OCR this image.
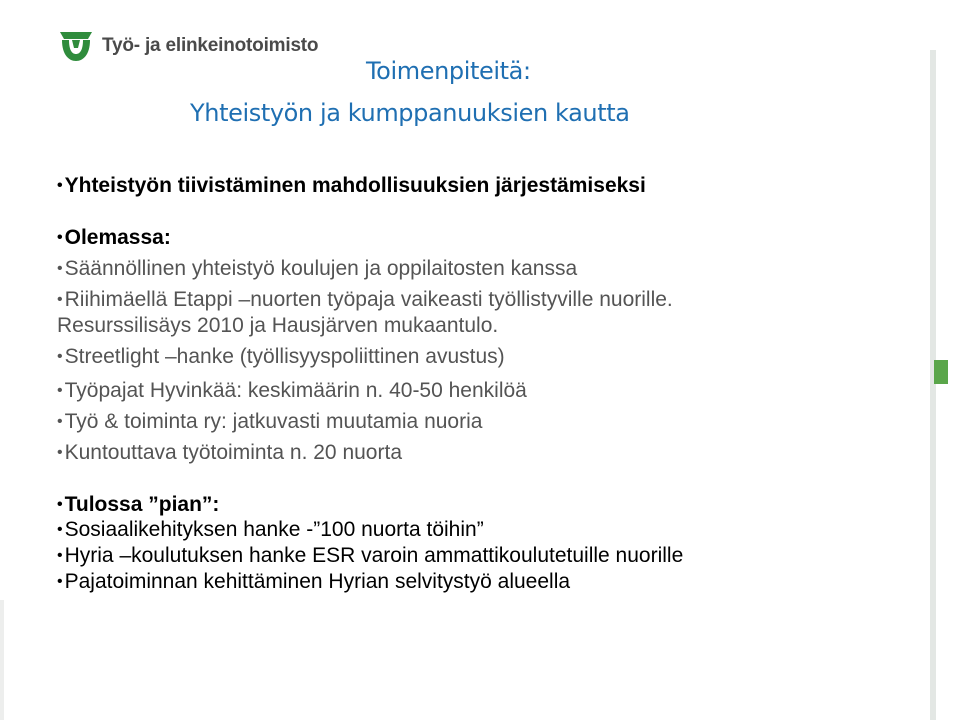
Työ- ja elinkeinotoimisto
Toimenpiteitä:
Yhteistyön ja kumppanuuksien kautta
•Yhteistyön tiivistäminen mahdollisuuksien järjestämiseksi
•Olemassa:
•Säännöllinen yhteistyö koulujen ja oppilaitosten kanssa
•Riihimäellä Etappi –nuorten työpaja vaikeasti työllistyville nuorille.
Resurssilisäys 2010 ja Hausjärven mukaantulo.
•Streetlight –hanke (työllisyyspoliittinen avustus)
•Työpajat Hyvinkää: keskimäärin n. 40-50 henkilöä
•Työ & toiminta ry: jatkuvasti muutamia nuoria
•Kuntouttava työtoiminta n. 20 nuorta
•Tulossa ”pian”:
•Sosiaalikehityksen hanke -”100 nuorta töihin”
•Hyria –koulutuksen hanke ESR varoin ammattikoulutetuille nuorille
•Pajatoiminnan kehittäminen Hyrian selvitystyö alueella
